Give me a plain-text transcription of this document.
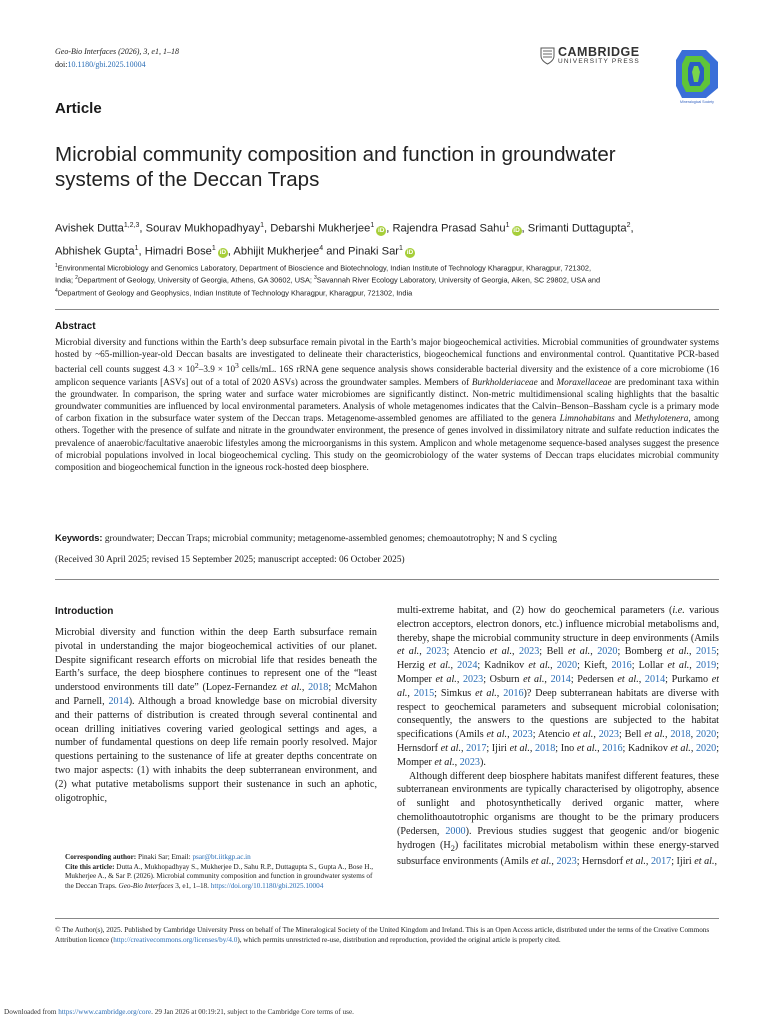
Geo-Bio Interfaces (2026), 3, e1, 1–18
doi:10.1180/gbi.2025.10004
CAMBRIDGE
UNIVERSITY PRESS
Mineralogical Society
Article
Microbial community composition and function in groundwater
systems of the Deccan Traps
Avishek Dutta$^{1,2,3}$, Sourav Mukhopadhyay$^1$, Debarshi Mukherjee$^1$iD , Rajendra Prasad Sahu$^1$iD , Srimanti Duttagupta$^2$,
Abhishek Gupta$^1$, Himadri Bose$^1$iD , Abhijit Mukherjee$^4$ and Pinaki Sar$^1$iD
$^1$Environmental Microbiology and Genomics Laboratory, Department of Bioscience and Biotechnology, Indian Institute of Technology Kharagpur, Kharagpur, 721302,
India; $^2$Department of Geology, University of Georgia, Athens, GA 30602, USA; $^3$Savannah River Ecology Laboratory, University of Georgia, Aiken, SC 29802, USA and
$^4$Department of Geology and Geophysics, Indian Institute of Technology Kharagpur, Kharagpur, 721302, India
Abstract

Microbial diversity and functions within the Earth’s deep subsurface remain pivotal in the Earth’s major biogeochemical activities. Microbial communities of groundwater systems hosted by ~65-million-year-old Deccan basalts are investigated to delineate their characteristics, biogeochemical functions and environmental control. Quantitative PCR-based bacterial cell counts suggest $4.3 \times 10^2-3.9 \times 10^3$ cells/mL. 16S rRNA gene sequence analysis shows considerable bacterial diversity and the existence of a core microbiome (16 amplicon sequence variants [ASVs] out of a total of 2020 ASVs) across the groundwater samples. Members of Burkholderiaceae and Moraxellaceae are predominant taxa within the groundwater. In comparison, the spring water and surface water microbiomes are significantly distinct. Non-metric multidimensional scaling highlights that the basaltic groundwater communities are influenced by local environmental parameters. Analysis of whole metagenomes indicates that the Calvin–Benson–Bassham cycle is a primary mode of carbon fixation in the subsurface water system of the Deccan traps. Metagenome-assembled genomes are affiliated to the genera Limnohabitans and Methylotenera, among others. Together with the presence of sulfate and nitrate in the groundwater environment, the presence of genes involved in dissimilatory nitrate and sulfate reduction indicates the prevalence of anaerobic/facultative anaerobic lifestyles among the microorganisms in this system. Amplicon and whole metagenome sequence-based analyses suggest the presence of microbial populations involved in local biogeochemical cycling. This study on the geomicrobiology of the water systems of Deccan traps elucidates microbial community composition and biogeochemical function in the igneous rock-hosted deep biosphere.

Keywords: groundwater; Deccan Traps; microbial community; metagenome-assembled genomes; chemoautotrophy; N and S cycling
(Received 30 April 2025; revised 15 September 2025; manuscript accepted: 06 October 2025)
Introduction

Microbial diversity and function within the deep Earth subsurface remain pivotal in understanding the major biogeochemical activities of our planet. Despite significant research efforts on microbial life that resides beneath the Earth’s surface, the deep biosphere continues to represent one of the “least understood environments till date” (Lopez-Fernandez et al., 2018; McMahon and Parnell, 2014). Although a broad knowledge base on microbial diversity and their patterns of distribution is created through several continental and ocean drilling initiatives covering varied geological settings and ages, a number of fundamental questions on deep life remain poorly resolved. Major questions pertaining to the sustenance of life at greater depths concentrate on two major aspects: (1) with inhabits the deep subterranean environment, and (2) what putative metabolisms support their sustenance in such an aphotic, oligotrophic,

Corresponding author: Pinaki Sar; Email: psar@bt.iitkgp.ac.in
Cite this article: Dutta A., Mukhopadhyay S., Mukherjee D., Sahu R.P., Duttagupta S., Gupta A., Bose H., Mukherjee A., & Sar P. (2026). Microbial community composition and function in groundwater systems of the Deccan Traps. Geo-Bio Interfaces 3, e1, 1–18. https://doi.org/10.1180/gbi.2025.10004

multi-extreme habitat, and (2) how do geochemical parameters (i.e. various electron acceptors, electron donors, etc.) influence microbial metabolisms and, thereby, shape the microbial community structure in deep environments (Amils et al., 2023; Atencio et al., 2023; Bell et al., 2020; Bomberg et al., 2015; Herzig et al., 2024; Kadnikov et al., 2020; Kieft, 2016; Lollar et al., 2019; Momper et al., 2023; Osburn et al., 2014; Pedersen et al., 2014; Purkamo et al., 2015; Simkus et al., 2016)? Deep subterranean habitats are diverse with respect to geochemical parameters and subsequent microbial colonisation; consequently, the answers to the questions are subjected to the habitat specifications (Amils et al., 2023; Atencio et al., 2023; Bell et al., 2018, 2020; Hernsdorf et al., 2017; Ijiri et al., 2018; Ino et al., 2016; Kadnikov et al., 2020; Momper et al., 2023).

Although different deep biosphere habitats manifest different features, these subterranean environments are typically characterised by oligotrophy, absence of sunlight and photosynthetically derived organic matter, where chemolithoautotrophic organisms are thought to be the primary producers (Pedersen, 2000). Previous studies suggest that geogenic and/or biogenic hydrogen $(H_2)$ facilitates microbial metabolism within these energy-starved subsurface environments (Amils et al., 2023; Hernsdorf et al., 2017; Ijiri et al.,

© The Author(s), 2025. Published by Cambridge University Press on behalf of The Mineralogical Society of the United Kingdom and Ireland. This is an Open Access article, distributed under the terms of the Creative Commons Attribution licence (http://creativecommons.org/licenses/by/4.0), which permits unrestricted re-use, distribution and reproduction, provided the original article is properly cited.
Downloaded from https://www.cambridge.org/core. 29 Jan 2026 at 00:19:21, subject to the Cambridge Core terms of use.
